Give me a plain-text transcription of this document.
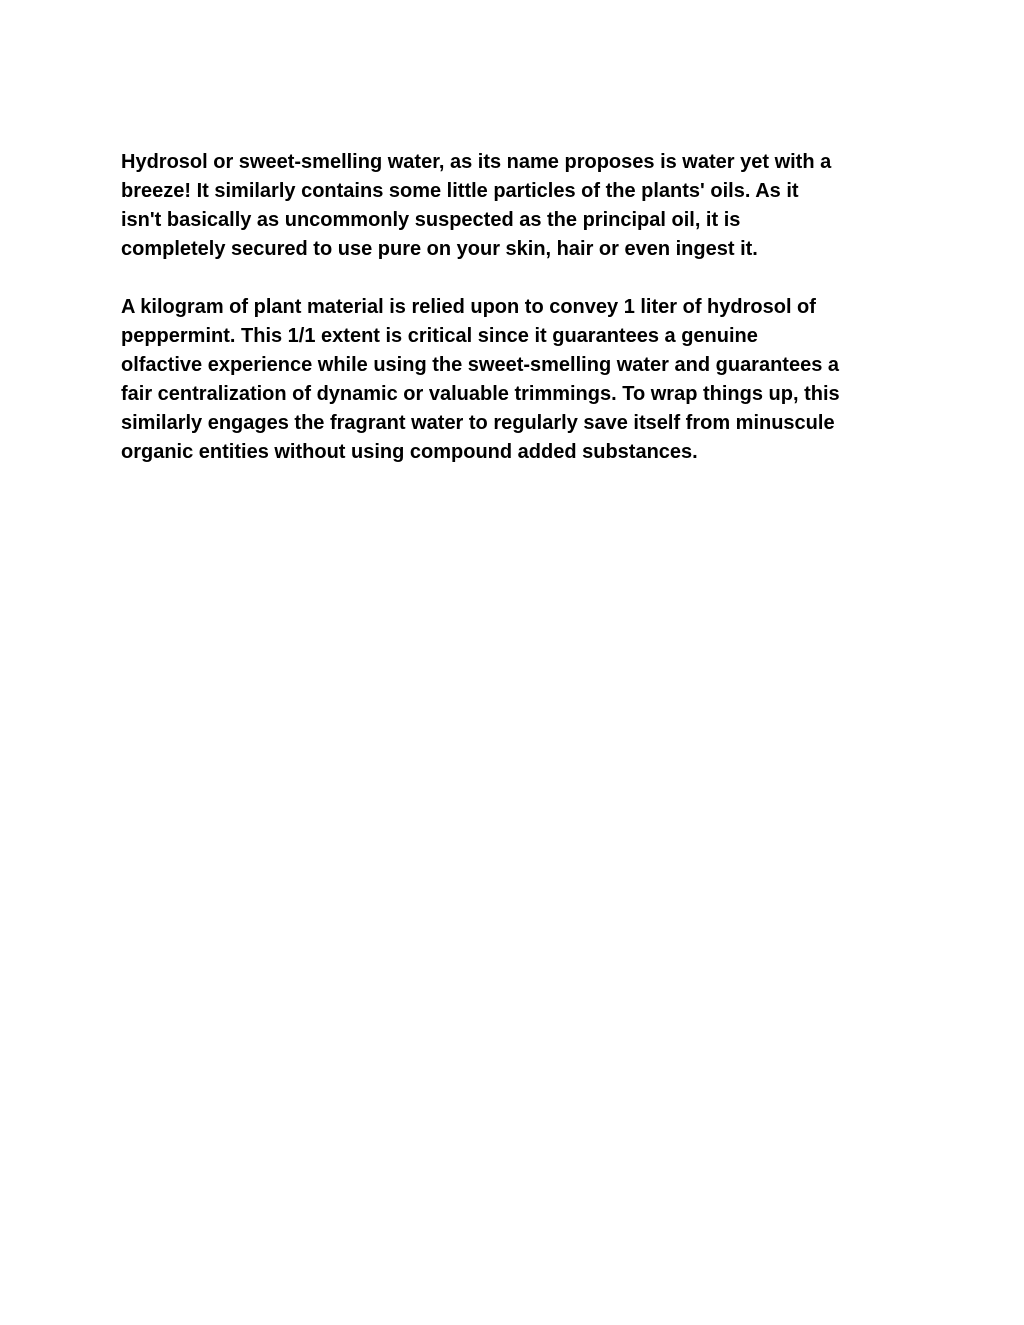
Hydrosol or sweet-smelling water, as its name proposes is water yet with a
breeze! It similarly contains some little particles of the plants' oils. As it
isn't basically as uncommonly suspected as the principal oil, it is
completely secured to use pure on your skin, hair or even ingest it.

A kilogram of plant material is relied upon to convey 1 liter of hydrosol of
peppermint. This 1/1 extent is critical since it guarantees a genuine
olfactive experience while using the sweet-smelling water and guarantees a
fair centralization of dynamic or valuable trimmings. To wrap things up, this
similarly engages the fragrant water to regularly save itself from minuscule
organic entities without using compound added substances.
